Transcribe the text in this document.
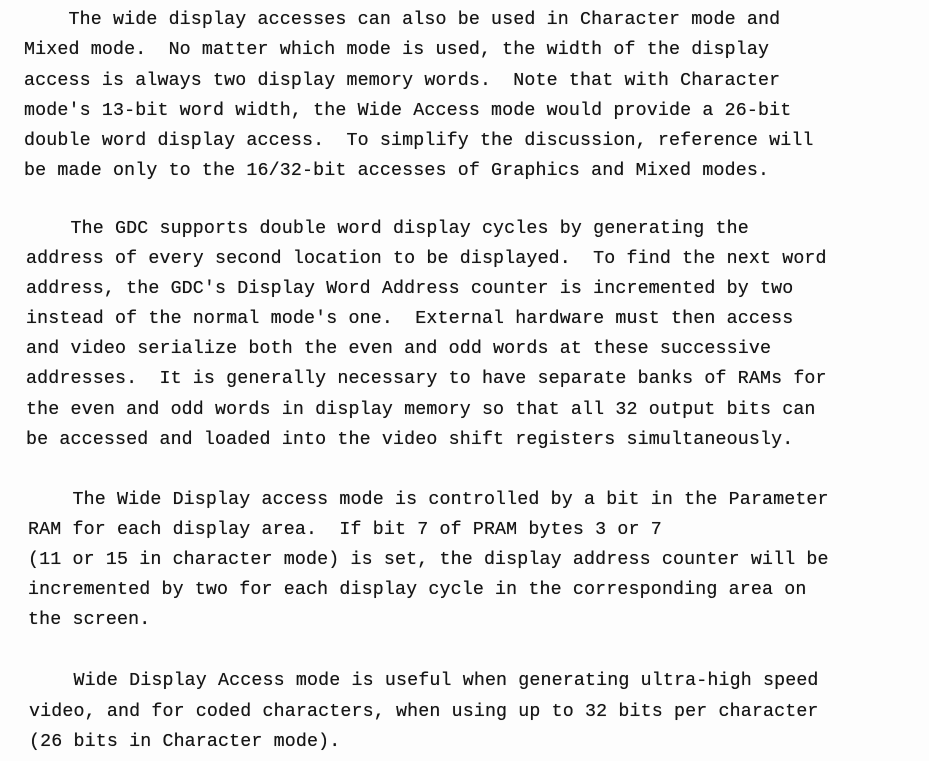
The wide display accesses can also be used in Character mode and
Mixed mode.  No matter which mode is used, the width of the display
access is always two display memory words.  Note that with Character
mode's 13-bit word width, the Wide Access mode would provide a 26-bit
double word display access.  To simplify the discussion, reference will
be made only to the 16/32-bit accesses of Graphics and Mixed modes.
The GDC supports double word display cycles by generating the
address of every second location to be displayed.  To find the next word
address, the GDC's Display Word Address counter is incremented by two
instead of the normal mode's one.  External hardware must then access
and video serialize both the even and odd words at these successive
addresses.  It is generally necessary to have separate banks of RAMs for
the even and odd words in display memory so that all 32 output bits can
be accessed and loaded into the video shift registers simultaneously.
The Wide Display access mode is controlled by a bit in the Parameter
RAM for each display area.  If bit 7 of PRAM bytes 3 or 7
(11 or 15 in character mode) is set, the display address counter will be
incremented by two for each display cycle in the corresponding area on
the screen.
Wide Display Access mode is useful when generating ultra-high speed
video, and for coded characters, when using up to 32 bits per character
(26 bits in Character mode).
